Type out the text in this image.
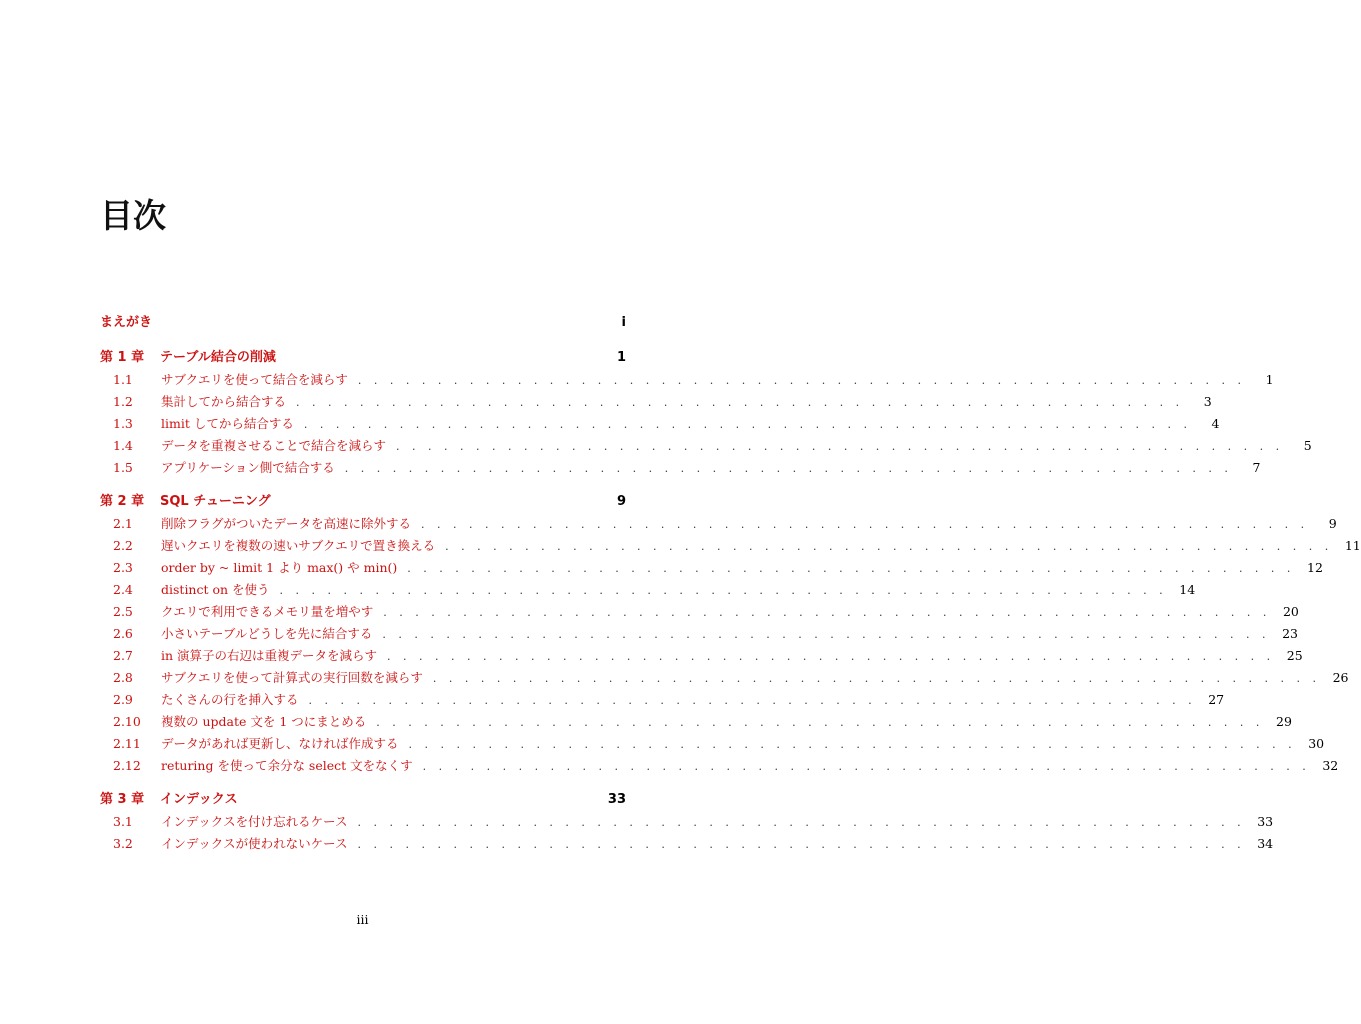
目次
まえがき	i
第 1 章	テーブル結合の削減	1
1.1	サブクエリを使って結合を減らす . . . . . . . . . . . . . . . . . . . . . . . . . . . . . . . . . . . . . . . . . . . . . . . . . . . . . . . .	1
1.2	集計してから結合する . . . . . . . . . . . . . . . . . . . . . . . . . . . . . . . . . . . . . . . . . . . . . . . . . . . . . . . .	3
1.3	limit してから結合する . . . . . . . . . . . . . . . . . . . . . . . . . . . . . . . . . . . . . . . . . . . . . . . . . . . . . . . .	4
1.4	データを重複させることで結合を減らす . . . . . . . . . . . . . . . . . . . . . . . . . . . . . . . . . . . . . . . . . . . . . . . . . . . . . . . .	5
1.5	アプリケーション側で結合する . . . . . . . . . . . . . . . . . . . . . . . . . . . . . . . . . . . . . . . . . . . . . . . . . . . . . . . .	7
第 2 章	SQL チューニング	9
2.1	削除フラグがついたデータを高速に除外する . . . . . . . . . . . . . . . . . . . . . . . . . . . . . . . . . . . . . . . . . . . . . . . . . . . . . . . .	9
2.2	遅いクエリを複数の速いサブクエリで置き換える . . . . . . . . . . . . . . . . . . . . . . . . . . . . . . . . . . . . . . . . . . . . . . . . . . . . . . . . 11
2.3	order by ~ limit 1 より max() や min() . . . . . . . . . . . . . . . . . . . . . . . . . . . . . . . . . . . . . . . . . . . . . . . . . . . . . . . . 12
2.4	distinct on を使う . . . . . . . . . . . . . . . . . . . . . . . . . . . . . . . . . . . . . . . . . . . . . . . . . . . . . . . . 14
2.5	クエリで利用できるメモリ量を増やす . . . . . . . . . . . . . . . . . . . . . . . . . . . . . . . . . . . . . . . . . . . . . . . . . . . . . . . . 20
2.6	小さいテーブルどうしを先に結合する . . . . . . . . . . . . . . . . . . . . . . . . . . . . . . . . . . . . . . . . . . . . . . . . . . . . . . . . 23
2.7	in 演算子の右辺は重複データを減らす . . . . . . . . . . . . . . . . . . . . . . . . . . . . . . . . . . . . . . . . . . . . . . . . . . . . . . . . 25
2.8	サブクエリを使って計算式の実行回数を減らす . . . . . . . . . . . . . . . . . . . . . . . . . . . . . . . . . . . . . . . . . . . . . . . . . . . . . . . . 26
2.9	たくさんの行を挿入する . . . . . . . . . . . . . . . . . . . . . . . . . . . . . . . . . . . . . . . . . . . . . . . . . . . . . . . . 27
2.10	複数の update 文を 1 つにまとめる . . . . . . . . . . . . . . . . . . . . . . . . . . . . . . . . . . . . . . . . . . . . . . . . . . . . . . . . 29
2.11	データがあれば更新し、なければ作成する . . . . . . . . . . . . . . . . . . . . . . . . . . . . . . . . . . . . . . . . . . . . . . . . . . . . . . . . 30
2.12	returing を使って余分な select 文をなくす . . . . . . . . . . . . . . . . . . . . . . . . . . . . . . . . . . . . . . . . . . . . . . . . . . . . . . . . 32
第 3 章	インデックス	33
3.1	インデックスを付け忘れるケース . . . . . . . . . . . . . . . . . . . . . . . . . . . . . . . . . . . . . . . . . . . . . . . . . . . . . . . . 33
3.2	インデックスが使われないケース . . . . . . . . . . . . . . . . . . . . . . . . . . . . . . . . . . . . . . . . . . . . . . . . . . . . . . . . 34
iii
